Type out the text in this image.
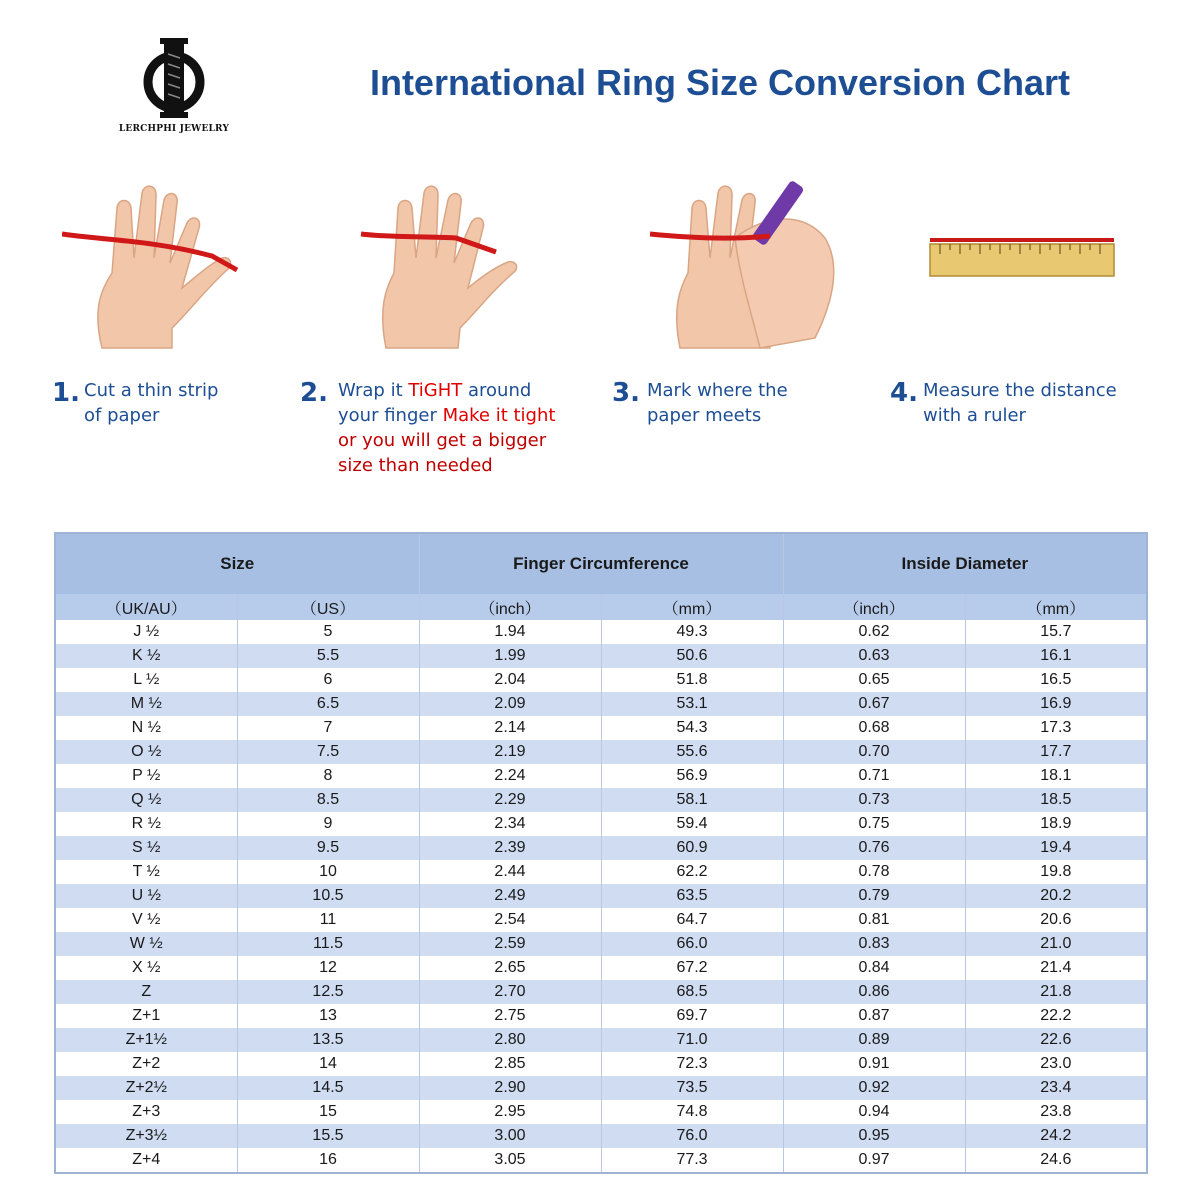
LERCHPHI JEWELRY
International Ring Size Conversion Chart
1. Cut a thin strip
of paper
2. Wrap it TiGHT around
your finger Make it tight
or you will get a bigger
size than needed
3. Mark where the
paper meets
4. Measure the distance
with a ruler
Size		Finger Circumference		Inside Diameter	
（UK/AU）	（US）	（inch）	（mm）	（inch）	（mm）
J ½	5	1.94	49.3	0.62	15.7
K ½	5.5	1.99	50.6	0.63	16.1
L ½	6	2.04	51.8	0.65	16.5
M ½	6.5	2.09	53.1	0.67	16.9
N ½	7	2.14	54.3	0.68	17.3
O ½	7.5	2.19	55.6	0.70	17.7
P ½	8	2.24	56.9	0.71	18.1
Q ½	8.5	2.29	58.1	0.73	18.5
R ½	9	2.34	59.4	0.75	18.9
S ½	9.5	2.39	60.9	0.76	19.4
T ½	10	2.44	62.2	0.78	19.8
U ½	10.5	2.49	63.5	0.79	20.2
V ½	11	2.54	64.7	0.81	20.6
W ½	11.5	2.59	66.0	0.83	21.0
X ½	12	2.65	67.2	0.84	21.4
Z	12.5	2.70	68.5	0.86	21.8
Z+1	13	2.75	69.7	0.87	22.2
Z+1½	13.5	2.80	71.0	0.89	22.6
Z+2	14	2.85	72.3	0.91	23.0
Z+2½	14.5	2.90	73.5	0.92	23.4
Z+3	15	2.95	74.8	0.94	23.8
Z+3½	15.5	3.00	76.0	0.95	24.2
Z+4	16	3.05	77.3	0.97	24.6
